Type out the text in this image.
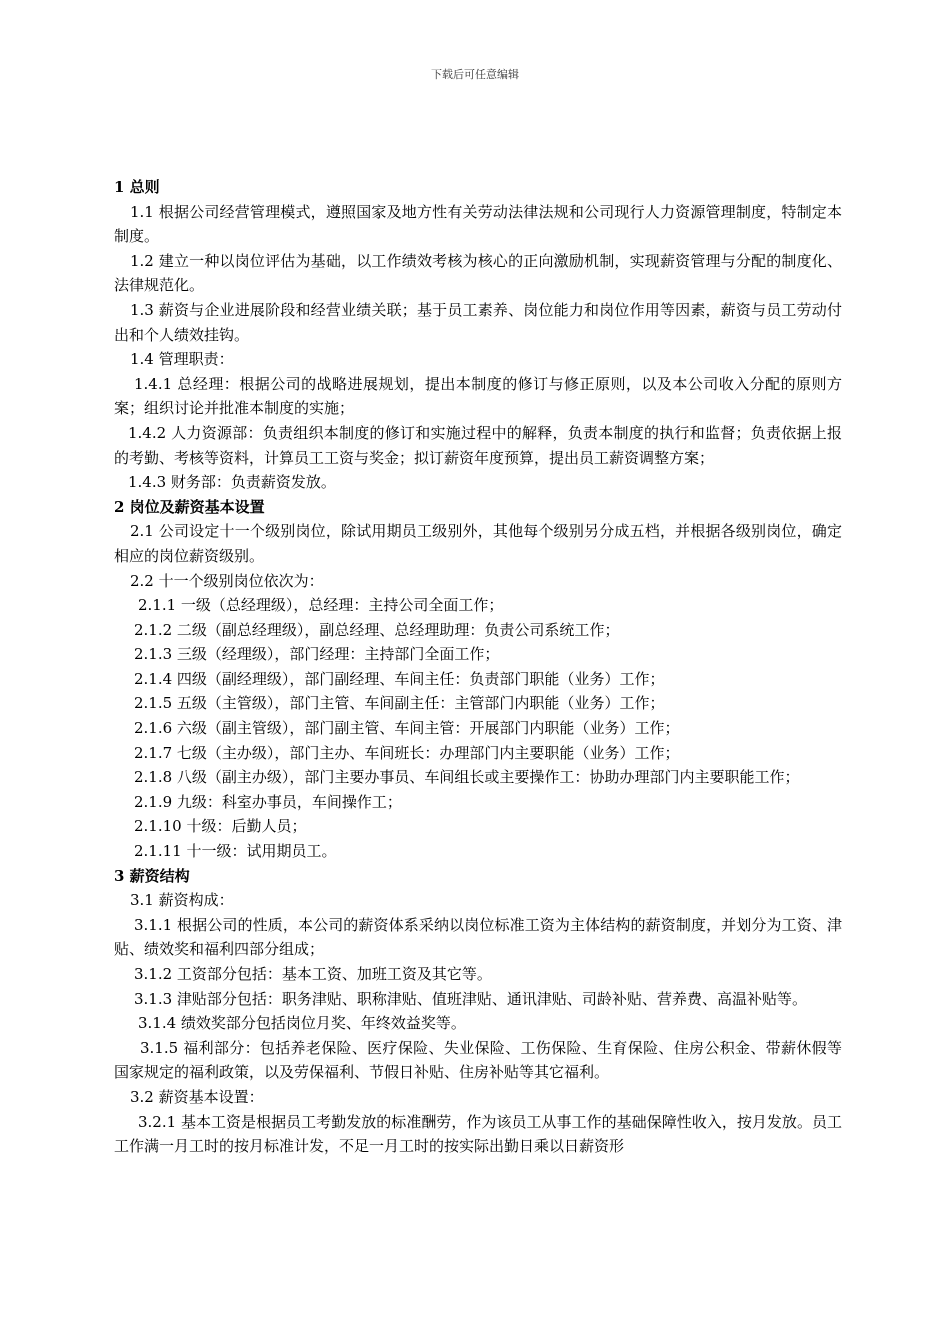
下载后可任意编辑

1 总则

1.1 根据公司经营管理模式，遵照国家及地方性有关劳动法律法规和公司现行人力资源管理制度，特制定本制度。

1.2 建立一种以岗位评估为基础，以工作绩效考核为核心的正向激励机制，实现薪资管理与分配的制度化、法律规范化。

1.3 薪资与企业进展阶段和经营业绩关联；基于员工素养、岗位能力和岗位作用等因素，薪资与员工劳动付出和个人绩效挂钩。

1.4 管理职责：

1.4.1 总经理：根据公司的战略进展规划，提出本制度的修订与修正原则，以及本公司收入分配的原则方案；组织讨论并批准本制度的实施；

1.4.2 人力资源部：负责组织本制度的修订和实施过程中的解释，负责本制度的执行和监督；负责依据上报的考勤、考核等资料，计算员工工资与奖金；拟订薪资年度预算，提出员工薪资调整方案；

1.4.3 财务部：负责薪资发放。

2 岗位及薪资基本设置

2.1 公司设定十一个级别岗位，除试用期员工级别外，其他每个级别另分成五档，并根据各级别岗位，确定相应的岗位薪资级别。

2.2 十一个级别岗位依次为：

2.1.1 一级（总经理级），总经理：主持公司全面工作；

2.1.2 二级（副总经理级），副总经理、总经理助理：负责公司系统工作；

2.1.3 三级（经理级），部门经理：主持部门全面工作；

2.1.4 四级（副经理级），部门副经理、车间主任：负责部门职能（业务）工作；

2.1.5 五级（主管级），部门主管、车间副主任：主管部门内职能（业务）工作；

2.1.6 六级（副主管级），部门副主管、车间主管：开展部门内职能（业务）工作；

2.1.7 七级（主办级），部门主办、车间班长：办理部门内主要职能（业务）工作；

2.1.8 八级（副主办级），部门主要办事员、车间组长或主要操作工：协助办理部门内主要职能工作；

2.1.9 九级：科室办事员，车间操作工；

2.1.10 十级：后勤人员；

2.1.11 十一级：试用期员工。

3 薪资结构

3.1 薪资构成：

3.1.1 根据公司的性质，本公司的薪资体系采纳以岗位标准工资为主体结构的薪资制度，并划分为工资、津贴、绩效奖和福利四部分组成；

3.1.2 工资部分包括：基本工资、加班工资及其它等。

3.1.3 津贴部分包括：职务津贴、职称津贴、值班津贴、通讯津贴、司龄补贴、营养费、高温补贴等。

3.1.4 绩效奖部分包括岗位月奖、年终效益奖等。

3.1.5 福利部分：包括养老保险、医疗保险、失业保险、工伤保险、生育保险、住房公积金、带薪休假等国家规定的福利政策，以及劳保福利、节假日补贴、住房补贴等其它福利。

3.2 薪资基本设置：

3.2.1 基本工资是根据员工考勤发放的标准酬劳，作为该员工从事工作的基础保障性收入，按月发放。员工工作满一月工时的按月标准计发，不足一月工时的按实际出勤日乘以日薪资形
